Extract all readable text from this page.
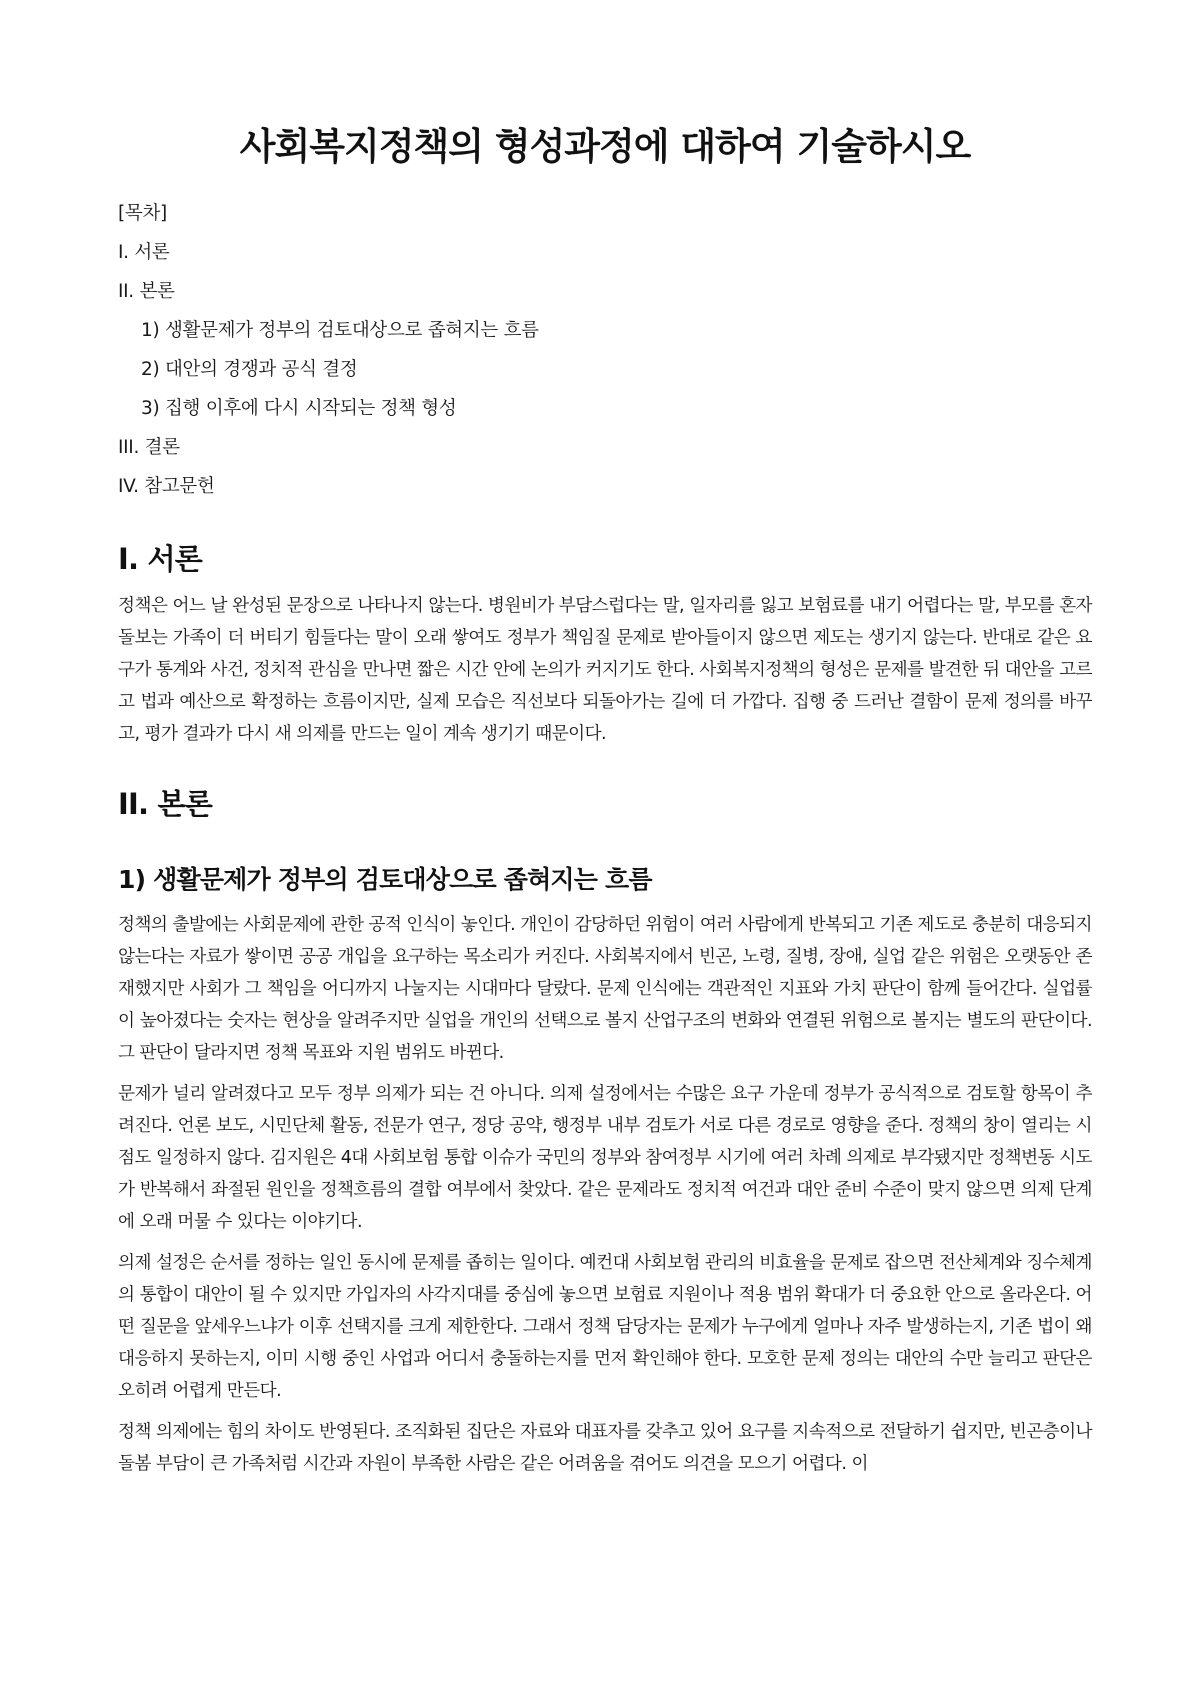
사회복지정책의 형성과정에 대하여 기술하시오
[목차]
I. 서론
II. 본론
1) 생활문제가 정부의 검토대상으로 좁혀지는 흐름
2) 대안의 경쟁과 공식 결정
3) 집행 이후에 다시 시작되는 정책 형성
III. 결론
IV. 참고문헌
I. 서론

정책은 어느 날 완성된 문장으로 나타나지 않는다. 병원비가 부담스럽다는 말, 일자리를 잃고 보험료를 내기 어렵다는 말, 부모를 혼자 돌보는 가족이 더 버티기 힘들다는 말이 오래 쌓여도 정부가 책임질 문제로 받아들이지 않으면 제도는 생기지 않는다. 반대로 같은 요구가 통계와 사건, 정치적 관심을 만나면 짧은 시간 안에 논의가 커지기도 한다. 사회복지정책의 형성은 문제를 발견한 뒤 대안을 고르고 법과 예산으로 확정하는 흐름이지만, 실제 모습은 직선보다 되돌아가는 길에 더 가깝다. 집행 중 드러난 결함이 문제 정의를 바꾸고, 평가 결과가 다시 새 의제를 만드는 일이 계속 생기기 때문이다.

II. 본론
1) 생활문제가 정부의 검토대상으로 좁혀지는 흐름

정책의 출발에는 사회문제에 관한 공적 인식이 놓인다. 개인이 감당하던 위험이 여러 사람에게 반복되고 기존 제도로 충분히 대응되지 않는다는 자료가 쌓이면 공공 개입을 요구하는 목소리가 커진다. 사회복지에서 빈곤, 노령, 질병, 장애, 실업 같은 위험은 오랫동안 존재했지만 사회가 그 책임을 어디까지 나눌지는 시대마다 달랐다. 문제 인식에는 객관적인 지표와 가치 판단이 함께 들어간다. 실업률이 높아졌다는 숫자는 현상을 알려주지만 실업을 개인의 선택으로 볼지 산업구조의 변화와 연결된 위험으로 볼지는 별도의 판단이다. 그 판단이 달라지면 정책 목표와 지원 범위도 바뀐다.

문제가 널리 알려졌다고 모두 정부 의제가 되는 건 아니다. 의제 설정에서는 수많은 요구 가운데 정부가 공식적으로 검토할 항목이 추려진다. 언론 보도, 시민단체 활동, 전문가 연구, 정당 공약, 행정부 내부 검토가 서로 다른 경로로 영향을 준다. 정책의 창이 열리는 시점도 일정하지 않다. 김지원은 4대 사회보험 통합 이슈가 국민의 정부와 참여정부 시기에 여러 차례 의제로 부각됐지만 정책변동 시도가 반복해서 좌절된 원인을 정책흐름의 결합 여부에서 찾았다. 같은 문제라도 정치적 여건과 대안 준비 수준이 맞지 않으면 의제 단계에 오래 머물 수 있다는 이야기다.

의제 설정은 순서를 정하는 일인 동시에 문제를 좁히는 일이다. 예컨대 사회보험 관리의 비효율을 문제로 잡으면 전산체계와 징수체계의 통합이 대안이 될 수 있지만 가입자의 사각지대를 중심에 놓으면 보험료 지원이나 적용 범위 확대가 더 중요한 안으로 올라온다. 어떤 질문을 앞세우느냐가 이후 선택지를 크게 제한한다. 그래서 정책 담당자는 문제가 누구에게 얼마나 자주 발생하는지, 기존 법이 왜 대응하지 못하는지, 이미 시행 중인 사업과 어디서 충돌하는지를 먼저 확인해야 한다. 모호한 문제 정의는 대안의 수만 늘리고 판단은 오히려 어렵게 만든다.

정책 의제에는 힘의 차이도 반영된다. 조직화된 집단은 자료와 대표자를 갖추고 있어 요구를 지속적으로 전달하기 쉽지만, 빈곤층이나 돌봄 부담이 큰 가족처럼 시간과 자원이 부족한 사람은 같은 어려움을 겪어도 의견을 모으기 어렵다. 이
